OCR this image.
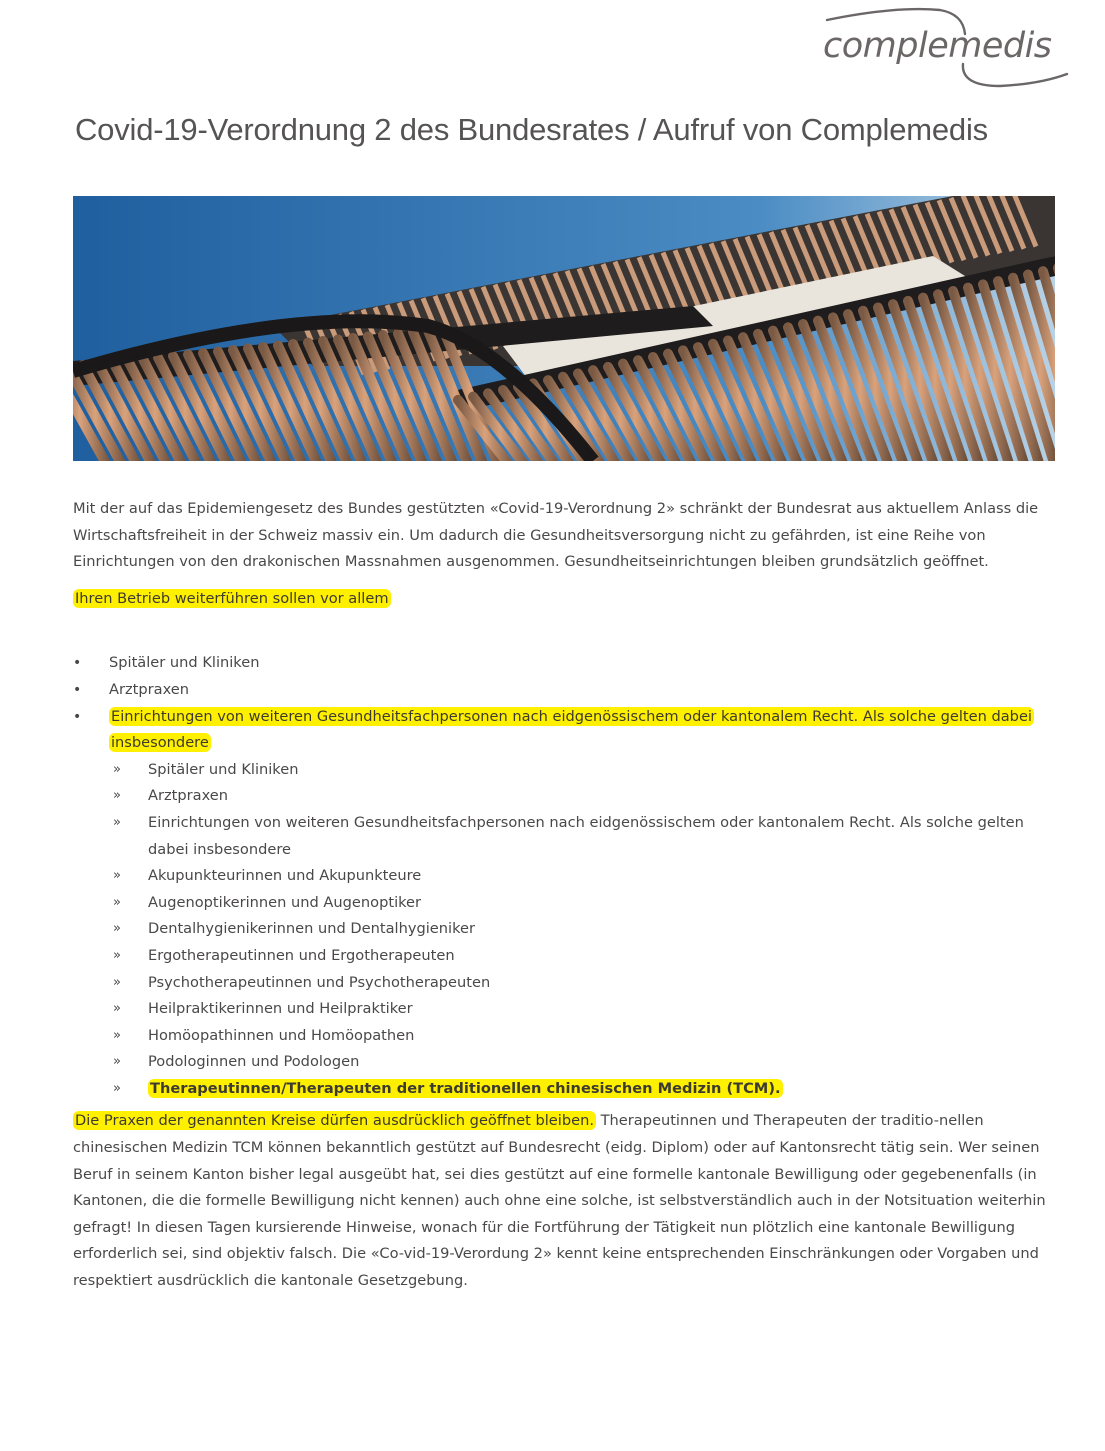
complemedis
Covid-19-Verordnung 2 des Bundesrates / Aufruf von Complemedis

Mit der auf das Epidemiengesetz des Bundes gestützten «Covid-19-Verordnung 2» schränkt der Bundesrat aus aktuellem Anlass die Wirtschaftsfreiheit in der Schweiz massiv ein. Um dadurch die Gesundheitsversorgung nicht zu gefährden, ist eine Reihe von Einrichtungen von den drakonischen Massnahmen ausgenommen. Gesundheitseinrichtungen bleiben grundsätzlich geöffnet.

Ihren Betrieb weiterführen sollen vor allem

•	Spitäler und Kliniken
•	Arztpraxen
•	Einrichtungen von weiteren Gesundheitsfachpersonen nach eidgenössischem oder kantonalem Recht. Als solche gelten dabei insbesondere
» Spitäler und Kliniken
» Arztpraxen
» Einrichtungen von weiteren Gesundheitsfachpersonen nach eidgenössischem oder kantonalem Recht. Als solche gelten dabei insbesondere
» Akupunkteurinnen und Akupunkteure
» Augenoptikerinnen und Augenoptiker
» Dentalhygienikerinnen und Dentalhygieniker
» Ergotherapeutinnen und Ergotherapeuten
» Psychotherapeutinnen und Psychotherapeuten
» Heilpraktikerinnen und Heilpraktiker
» Homöopathinnen und Homöopathen
» Podologinnen und Podologen
» Therapeutinnen/Therapeuten der traditionellen chinesischen Medizin (TCM).

Die Praxen der genannten Kreise dürfen ausdrücklich geöffnet bleiben. Therapeutinnen und Therapeuten der traditio-nellen chinesischen Medizin TCM können bekanntlich gestützt auf Bundesrecht (eidg. Diplom) oder auf Kantonsrecht tätig sein. Wer seinen Beruf in seinem Kanton bisher legal ausgeübt hat, sei dies gestützt auf eine formelle kantonale Bewilligung oder gegebenenfalls (in Kantonen, die die formelle Bewilligung nicht kennen) auch ohne eine solche, ist selbstverständlich auch in der Notsituation weiterhin gefragt! In diesen Tagen kursierende Hinweise, wonach für die Fortführung der Tätigkeit nun plötzlich eine kantonale Bewilligung erforderlich sei, sind objektiv falsch. Die «Co-vid-19-Verordung 2» kennt keine entsprechenden Einschränkungen oder Vorgaben und respektiert ausdrücklich die kantonale Gesetzgebung.
